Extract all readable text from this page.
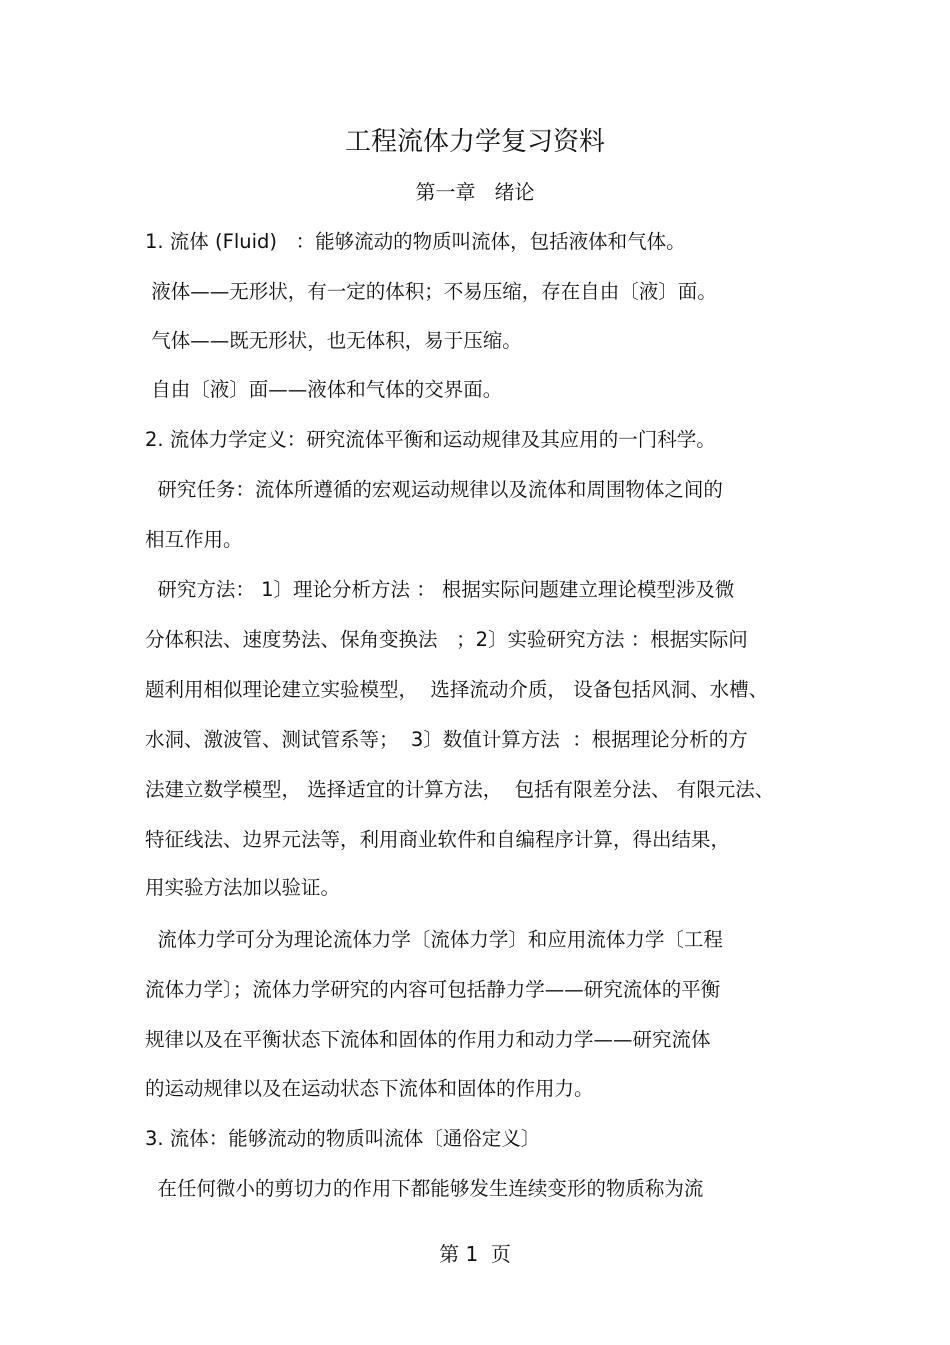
工程流体力学复习资料
第一章   绪论
1. 流体 (Fluid)   ：能够流动的物质叫流体，包括液体和气体。
液体——无形状，有一定的体积；不易压缩，存在自由〔液〕面。
气体——既无形状，也无体积，易于压缩。
自由〔液〕面——液体和气体的交界面。
2. 流体力学定义：研究流体平衡和运动规律及其应用的一门科学。
研究任务：流体所遵循的宏观运动规律以及流体和周围物体之间的
相互作用。
研究方法： 1〕理论分析方法 ： 根据实际问题建立理论模型涉及微
分体积法、速度势法、保角变换法   ；2〕实验研究方法 ：根据实际问
题利用相似理论建立实验模型，  选择流动介质， 设备包括风洞、水槽、
水洞、激波管、测试管系等；  3〕数值计算方法  ：根据理论分析的方
法建立数学模型， 选择适宜的计算方法，  包括有限差分法、 有限元法、
特征线法、边界元法等，利用商业软件和自编程序计算，得出结果，
用实验方法加以验证。
流体力学可分为理论流体力学〔流体力学〕和应用流体力学〔工程
流体力学〕；流体力学研究的内容可包括静力学——研究流体的平衡
规律以及在平衡状态下流体和固体的作用力和动力学——研究流体
的运动规律以及在运动状态下流体和固体的作用力。
3. 流体：能够流动的物质叫流体〔通俗定义〕
在任何微小的剪切力的作用下都能够发生连续变形的物质称为流
第 1  页
